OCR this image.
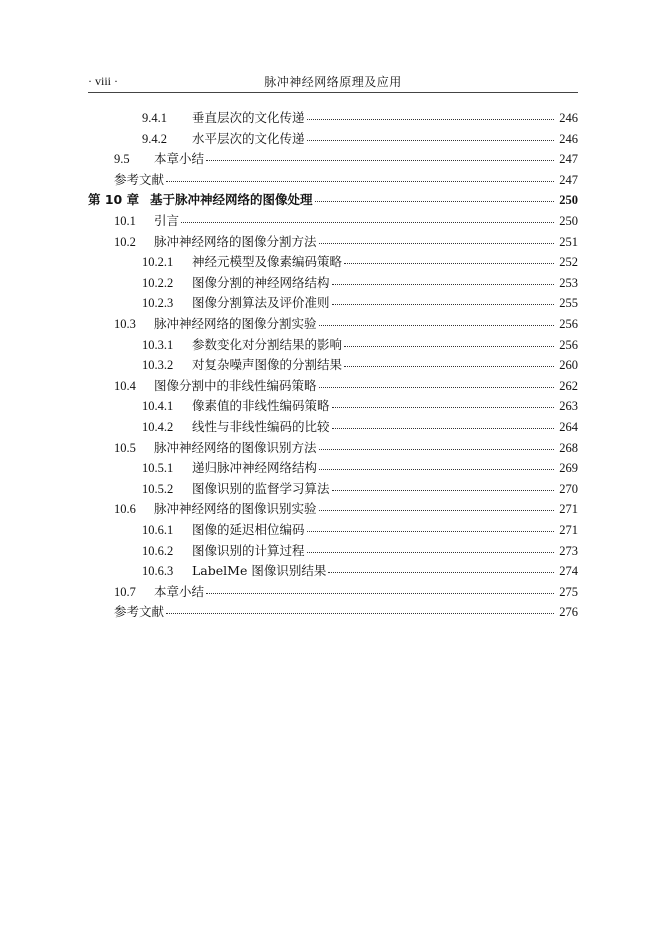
· viii ·	脉冲神经网络原理及应用
9.4.1	垂直层次的文化传递	246
9.4.2	水平层次的文化传递	246
9.5	本章小结	247
参考文献	247
第 10 章 基于脉冲神经网络的图像处理	250
10.1	引言	250
10.2	脉冲神经网络的图像分割方法	251
10.2.1	神经元模型及像素编码策略	252
10.2.2	图像分割的神经网络结构	253
10.2.3	图像分割算法及评价准则	255
10.3	脉冲神经网络的图像分割实验	256
10.3.1	参数变化对分割结果的影响	256
10.3.2	对复杂噪声图像的分割结果	260
10.4	图像分割中的非线性编码策略	262
10.4.1	像素值的非线性编码策略	263
10.4.2	线性与非线性编码的比较	264
10.5	脉冲神经网络的图像识别方法	268
10.5.1	递归脉冲神经网络结构	269
10.5.2	图像识别的监督学习算法	270
10.6	脉冲神经网络的图像识别实验	271
10.6.1	图像的延迟相位编码	271
10.6.2	图像识别的计算过程	273
10.6.3	LabelMe 图像识别结果	274
10.7	本章小结	275
参考文献	276
